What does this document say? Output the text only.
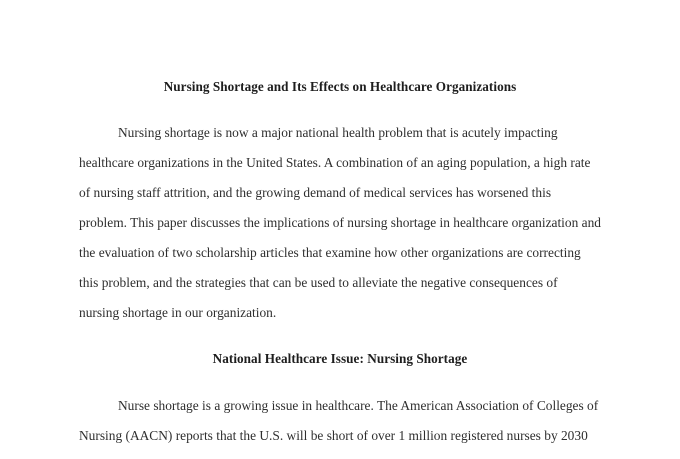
Nursing Shortage and Its Effects on Healthcare Organizations

Nursing shortage is now a major national health problem that is acutely impacting healthcare organizations in the United States. A combination of an aging population, a high rate of nursing staff attrition, and the growing demand of medical services has worsened this problem. This paper discusses the implications of nursing shortage in healthcare organization and the evaluation of two scholarship articles that examine how other organizations are correcting this problem, and the strategies that can be used to alleviate the negative consequences of nursing shortage in our organization.

National Healthcare Issue: Nursing Shortage

Nurse shortage is a growing issue in healthcare. The American Association of Colleges of Nursing (AACN) reports that the U.S. will be short of over 1 million registered nurses by 2030
